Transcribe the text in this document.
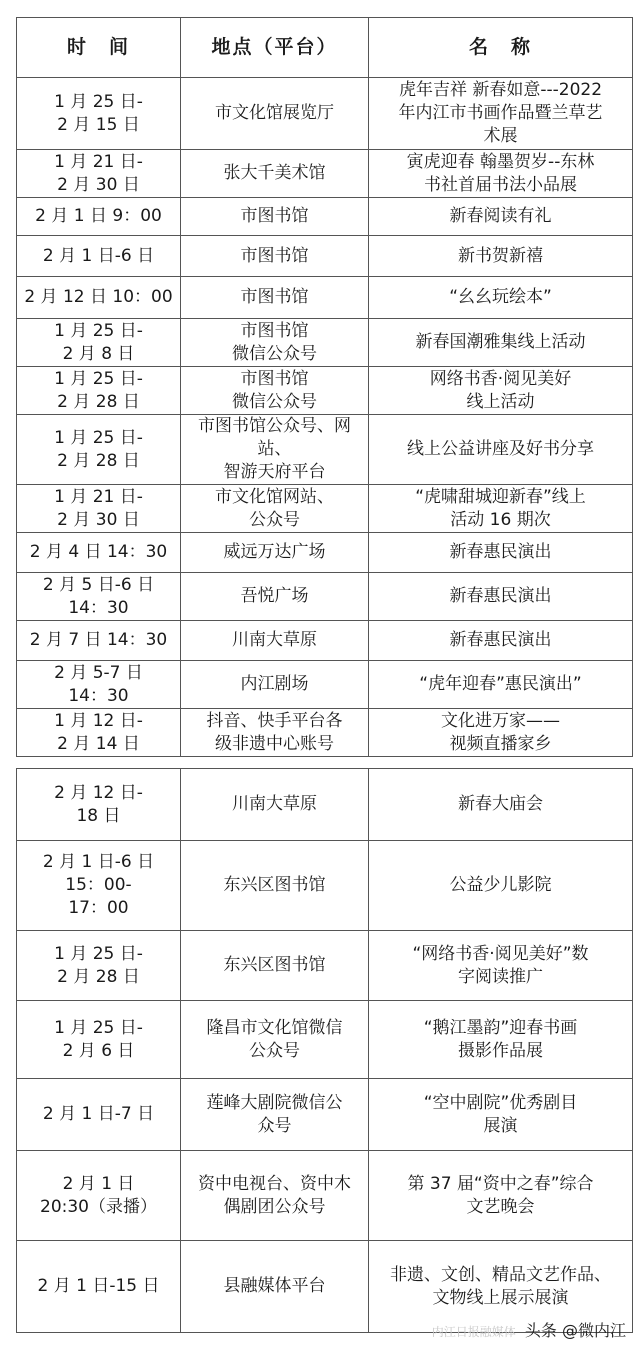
时　间	地点（平台）	名　称

1 月 25 日-
2 月 15 日	市文化馆展览厅	虎年吉祥 新春如意---2022
年内江市书画作品暨兰草艺
术展

1 月 21 日-
2 月 30 日	张大千美术馆	寅虎迎春 翰墨贺岁--东林
书社首届书法小品展

2 月 1 日 9：00	市图书馆	新春阅读有礼

2 月 1 日-6 日	市图书馆	新书贺新禧

2 月 12 日 10：00	市图书馆	“幺幺玩绘本”

1 月 25 日-
2 月 8 日	市图书馆
微信公众号	新春国潮雅集线上活动

1 月 25 日-
2 月 28 日	市图书馆
微信公众号	网络书香·阅见美好
线上活动

1 月 25 日-
2 月 28 日	市图书馆公众号、网站、
智游天府平台	线上公益讲座及好书分享

1 月 21 日-
2 月 30 日	市文化馆网站、
公众号	“虎啸甜城迎新春”线上
活动 16 期次

2 月 4 日 14：30	威远万达广场	新春惠民演出

2 月 5 日-6 日
14：30	吾悦广场	新春惠民演出

2 月 7 日 14：30	川南大草原	新春惠民演出

2 月 5-7 日
14：30	内江剧场	“虎年迎春”惠民演出”

1 月 12 日-
2 月 14 日	抖音、快手平台各
级非遗中心账号	文化进万家——
视频直播家乡
2 月 12 日-
18 日	川南大草原	新春大庙会

2 月 1 日-6 日
15：00-
17：00	东兴区图书馆	公益少儿影院

1 月 25 日-
2 月 28 日	东兴区图书馆	“网络书香·阅见美好”数
字阅读推广

1 月 25 日-
2 月 6 日	隆昌市文化馆微信
公众号	“鹅江墨韵”迎春书画
摄影作品展

2 月 1 日-7 日	莲峰大剧院微信公
众号	“空中剧院”优秀剧目
展演

2 月 1 日
20:30（录播）	资中电视台、资中木
偶剧团公众号	第 37 届“资中之春”综合
文艺晚会

2 月 1 日-15 日	县融媒体平台	非遗、文创、精品文艺作品、
文物线上展示展演
内江日报融媒体 头条 @微内江
